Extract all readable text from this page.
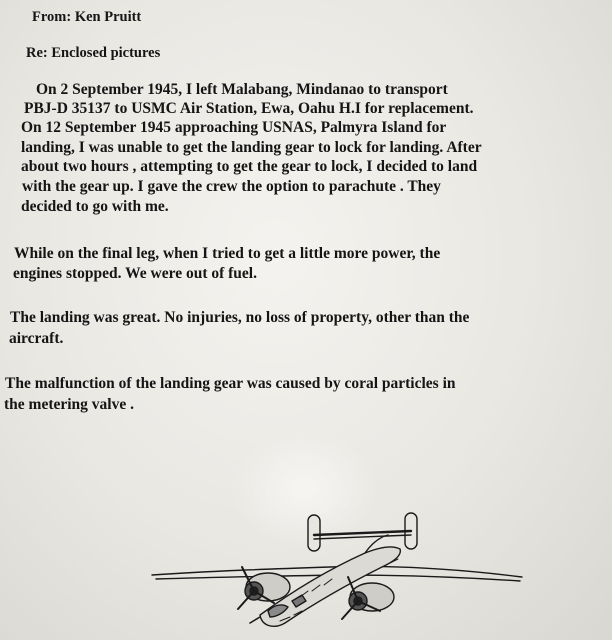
From: Ken Pruitt
Re: Enclosed pictures
On 2 September 1945, I left Malabang, Mindanao to transport
PBJ-D 35137 to USMC Air Station, Ewa, Oahu H.I for replacement.
On 12 September 1945 approaching USNAS, Palmyra Island for
landing, I was unable to get the landing gear to lock for landing. After
about two hours , attempting to get the gear to lock, I decided to land
with the gear up. I gave the crew the option to parachute . They
decided to go with me.
While on the final leg, when I tried to get a little more power, the
engines stopped. We were out of fuel.
The landing was great. No injuries, no loss of property, other than the
aircraft.
The malfunction of the landing gear was caused by coral particles in
the metering valve .
